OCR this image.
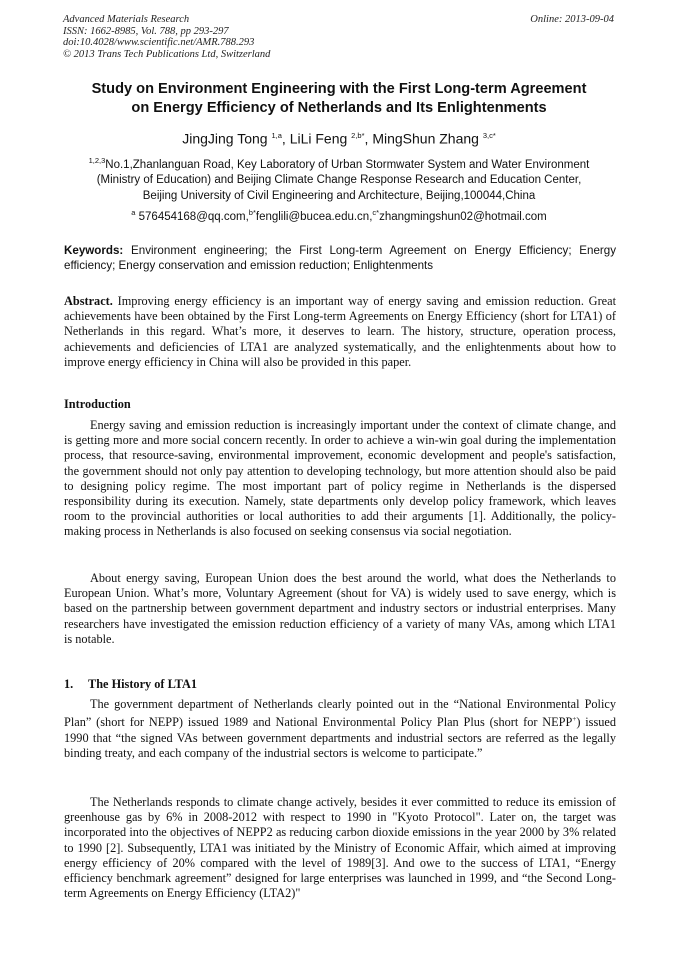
Advanced Materials Research
ISSN: 1662-8985, Vol. 788, pp 293-297
doi:10.4028/www.scientific.net/AMR.788.293
© 2013 Trans Tech Publications Ltd, Switzerland
Online: 2013-09-04
Study on Environment Engineering with the First Long-term Agreement
on Energy Efficiency of Netherlands and Its Enlightenments
JingJing Tong $^{1,a}$, LiLi Feng $^{2,b*}$, MingShun Zhang $^{3,c*}$
$^{1,2,3}$No.1,Zhanlanguan Road, Key Laboratory of Urban Stormwater System and Water Environment
(Ministry of Education) and Beijing Climate Change Response Research and Education Center,
Beijing University of Civil Engineering and Architecture, Beijing,100044,China
$^a$ 576454168@qq.com,$^{b*}$fenglili@bucea.edu.cn,$^{c*}$zhangmingshun02@hotmail.com
Keywords: Environment engineering; the First Long-term Agreement on Energy Efficiency; Energy efficiency; Energy conservation and emission reduction; Enlightenments

Abstract. Improving energy efficiency is an important way of energy saving and emission reduction. Great achievements have been obtained by the First Long-term Agreements on Energy Efficiency (short for LTA1) of Netherlands in this regard. What’s more, it deserves to learn. The history, structure, operation process, achievements and deficiencies of LTA1 are analyzed systematically, and the enlightenments about how to improve energy efficiency in China will also be provided in this paper.

Introduction

Energy saving and emission reduction is increasingly important under the context of climate change, and is getting more and more social concern recently. In order to achieve a win-win goal during the implementation process, that resource-saving, environmental improvement, economic development and people's satisfaction, the government should not only pay attention to developing technology, but more attention should also be paid to designing policy regime. The most important part of policy regime in Netherlands is the dispersed responsibility during its execution. Namely, state departments only develop policy framework, which leaves room to the provincial authorities or local authorities to add their arguments [1]. Additionally, the policy-making process in Netherlands is also focused on seeking consensus via social negotiation.

About energy saving, European Union does the best around the world, what does the Netherlands to European Union. What’s more, Voluntary Agreement (shout for VA) is widely used to save energy, which is based on the partnership between government department and industry sectors or industrial enterprises. Many researchers have investigated the emission reduction efficiency of a variety of many VAs, among which LTA1 is notable.

1. The History of LTA1

The government department of Netherlands clearly pointed out in the “National Environmental Policy Plan” (short for NEPP) issued 1989 and National Environmental Policy Plan Plus (short for NEPP+) issued 1990 that “the signed VAs between government departments and industrial sectors are referred as the legally binding treaty, and each company of the industrial sectors is welcome to participate.”

The Netherlands responds to climate change actively, besides it ever committed to reduce its emission of greenhouse gas by 6% in 2008-2012 with respect to 1990 in "Kyoto Protocol". Later on, the target was incorporated into the objectives of NEPP2 as reducing carbon dioxide emissions in the year 2000 by 3% related to 1990 [2]. Subsequently, LTA1 was initiated by the Ministry of Economic Affair, which aimed at improving energy efficiency of 20% compared with the level of 1989[3]. And owe to the success of LTA1, “Energy efficiency benchmark agreement” designed for large enterprises was launched in 1999, and “the Second Long-term Agreements on Energy Efficiency (LTA2)"
